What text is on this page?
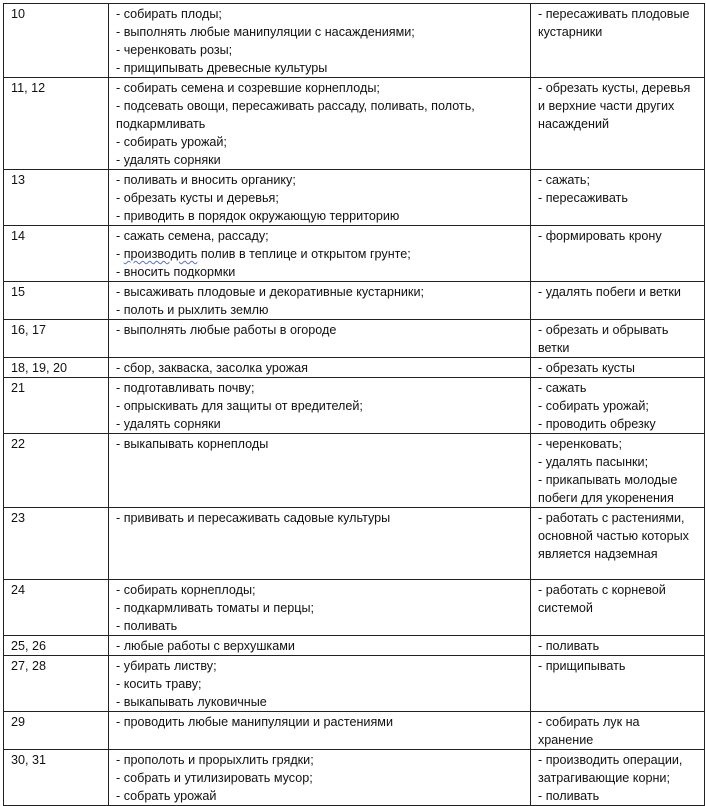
10	- собирать плоды;
- выполнять любые манипуляции с насаждениями;
- черенковать розы;
- прищипывать древесные культуры	- пересаживать плодовые кустарники

11, 12	- собирать семена и созревшие корнеплоды;
- подсевать овощи, пересаживать рассаду, поливать, полоть, подкармливать
- собирать урожай;
- удалять сорняки	- обрезать кусты, деревья и верхние части других насаждений

13	- поливать и вносить органику;
- обрезать кусты и деревья;
- приводить в порядок окружающую территорию	- сажать;
- пересаживать

14	- сажать семена, рассаду;
- производить полив в теплице и открытом грунте;
- вносить подкормки	- формировать крону

15	- высаживать плодовые и декоративные кустарники;
- полоть и рыхлить землю	- удалять побеги и ветки

16, 17	- выполнять любые работы в огороде	- обрезать и обрывать ветки

18, 19, 20	- сбор, закваска, засолка урожая	- обрезать кусты

21	- подготавливать почву;
- опрыскивать для защиты от вредителей;
- удалять сорняки	- сажать
- собирать урожай;
- проводить обрезку

22	- выкапывать корнеплоды	- черенковать;
- удалять пасынки;
- прикапывать молодые побеги для укоренения

23	- прививать и пересаживать садовые культуры	- работать с растениями, основной частью которых является надземная

24	- собирать корнеплоды;
- подкармливать томаты и перцы;
- поливать	- работать с корневой системой

25, 26	- любые работы с верхушками	- поливать

27, 28	- убирать листву;
- косить траву;
- выкапывать луковичные	- прищипывать

29	- проводить любые манипуляции и растениями	- собирать лук на хранение

30, 31	- прополоть и прорыхлить грядки;
- собрать и утилизировать мусор;
- собрать урожай	- производить операции, затрагивающие корни;
- поливать
